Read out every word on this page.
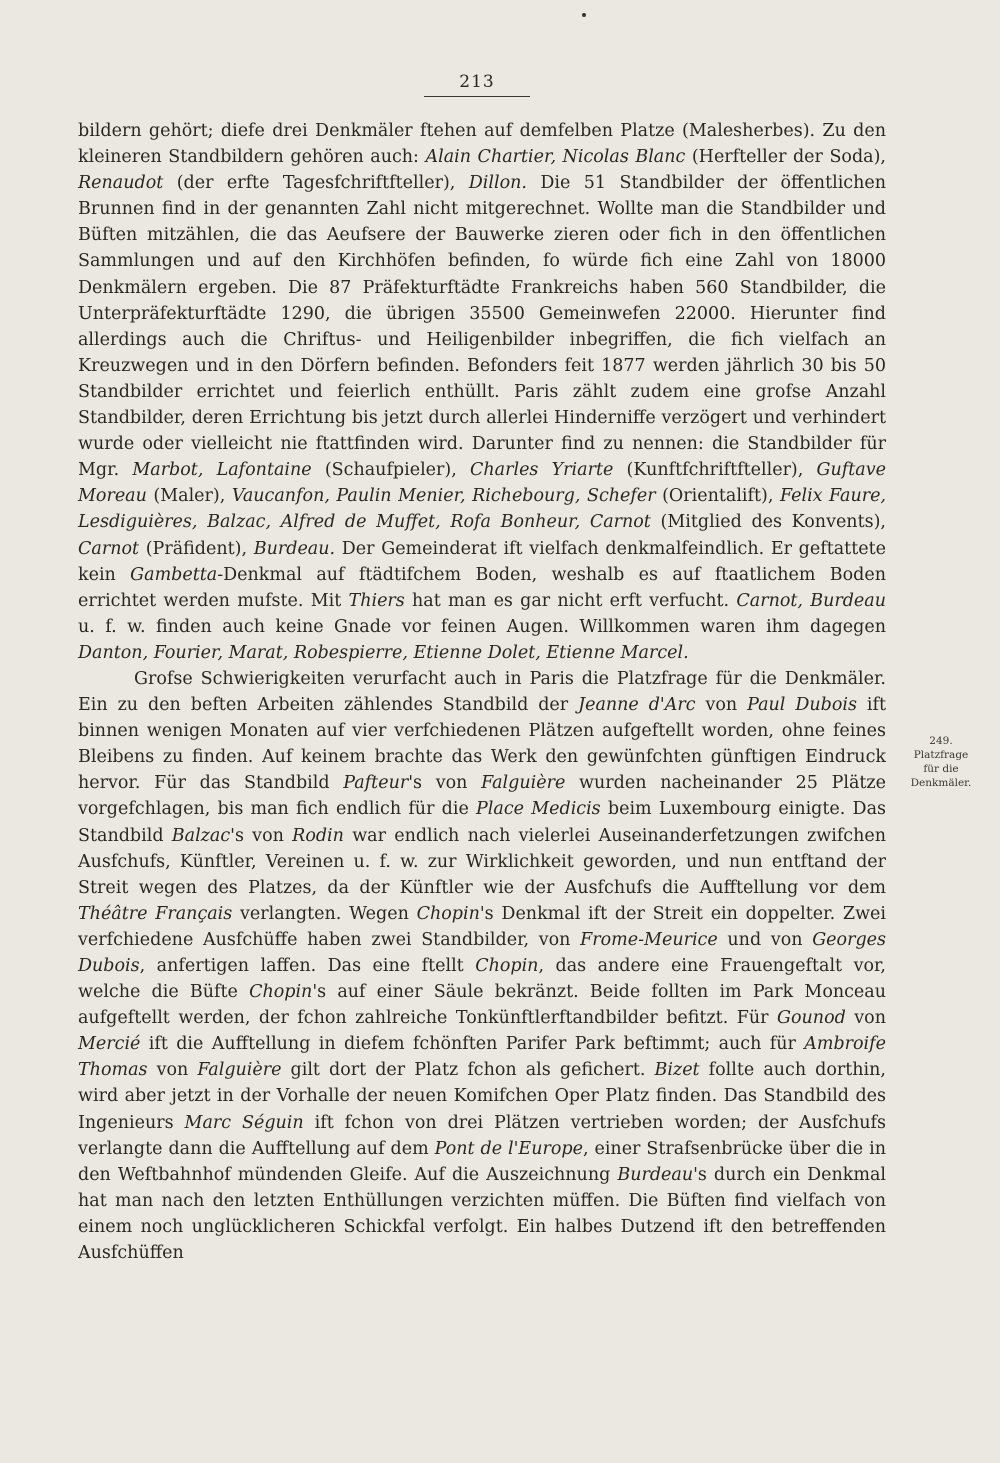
213

bildern gehört; diefe drei Denkmäler ftehen auf demfelben Platze (Malesherbes). Zu den kleineren Standbildern gehören auch: Alain Chartier, Nicolas Blanc (Herfteller der Soda), Renaudot (der erfte Tagesfchriftfteller), Dillon. Die 51 Standbilder der öffentlichen Brunnen find in der genannten Zahl nicht mitgerechnet. Wollte man die Standbilder und Büften mitzählen, die das Aeufsere der Bauwerke zieren oder fich in den öffentlichen Sammlungen und auf den Kirchhöfen befinden, fo würde fich eine Zahl von 18000 Denkmälern ergeben. Die 87 Präfekturftädte Frankreichs haben 560 Standbilder, die Unterpräfekturftädte 1290, die übrigen 35500 Gemeinwefen 22000. Hierunter find allerdings auch die Chriftus- und Heiligenbilder inbegriffen, die fich vielfach an Kreuzwegen und in den Dörfern befinden. Befonders feit 1877 werden jährlich 30 bis 50 Standbilder errichtet und feierlich enthüllt. Paris zählt zudem eine grofse Anzahl Standbilder, deren Errichtung bis jetzt durch allerlei Hinderniffe verzögert und verhindert wurde oder vielleicht nie ftattfinden wird. Darunter find zu nennen: die Standbilder für Mgr. Marbot, Lafontaine (Schaufpieler), Charles Yriarte (Kunftfchriftfteller), Guftave Moreau (Maler), Vaucanfon, Paulin Menier, Richebourg, Schefer (Orientalift), Felix Faure, Lesdiguières, Balzac, Alfred de Muffet, Rofa Bonheur, Carnot (Mitglied des Konvents), Carnot (Präfident), Burdeau. Der Gemeinderat ift vielfach denkmalfeindlich. Er geftattete kein Gambetta-Denkmal auf ftädtifchem Boden, weshalb es auf ftaatlichem Boden errichtet werden mufste. Mit Thiers hat man es gar nicht erft verfucht. Carnot, Burdeau u. f. w. finden auch keine Gnade vor feinen Augen. Willkommen waren ihm dagegen Danton, Fourier, Marat, Robespierre, Etienne Dolet, Etienne Marcel.

Grofse Schwierigkeiten verurfacht auch in Paris die Platzfrage für die Denkmäler. Ein zu den beften Arbeiten zählendes Standbild der Jeanne d'Arc von Paul Dubois ift binnen wenigen Monaten auf vier verfchiedenen Plätzen aufgeftellt worden, ohne feines Bleibens zu finden. Auf keinem brachte das Werk den gewünfchten günftigen Eindruck hervor. Für das Standbild Pafteur's von Falguière wurden nacheinander 25 Plätze vorgefchlagen, bis man fich endlich für die Place Medicis beim Luxembourg einigte. Das Standbild Balzac's von Rodin war endlich nach vielerlei Auseinanderfetzungen zwifchen Ausfchufs, Künftler, Vereinen u. f. w. zur Wirklichkeit geworden, und nun entftand der Streit wegen des Platzes, da der Künftler wie der Ausfchufs die Aufftellung vor dem Théâtre Français verlangten. Wegen Chopin's Denkmal ift der Streit ein doppelter. Zwei verfchiedene Ausfchüffe haben zwei Standbilder, von Frome-Meurice und von Georges Dubois, anfertigen laffen. Das eine ftellt Chopin, das andere eine Frauengeftalt vor, welche die Büfte Chopin's auf einer Säule bekränzt. Beide follten im Park Monceau aufgeftellt werden, der fchon zahlreiche Tonkünftlerftandbilder befitzt. Für Gounod von Mercié ift die Aufftellung in diefem fchönften Parifer Park beftimmt; auch für Ambroife Thomas von Falguière gilt dort der Platz fchon als gefichert. Bizet follte auch dorthin, wird aber jetzt in der Vorhalle der neuen Komifchen Oper Platz finden. Das Standbild des Ingenieurs Marc Séguin ift fchon von drei Plätzen vertrieben worden; der Ausfchufs verlangte dann die Aufftellung auf dem Pont de l'Europe, einer Strafsenbrücke über die in den Weftbahnhof mündenden Gleife. Auf die Auszeichnung Burdeau's durch ein Denkmal hat man nach den letzten Enthüllungen verzichten müffen. Die Büften find vielfach von einem noch unglücklicheren Schickfal verfolgt. Ein halbes Dutzend ift den betreffenden Ausfchüffen

249.
Platzfrage
für die
Denkmäler.
